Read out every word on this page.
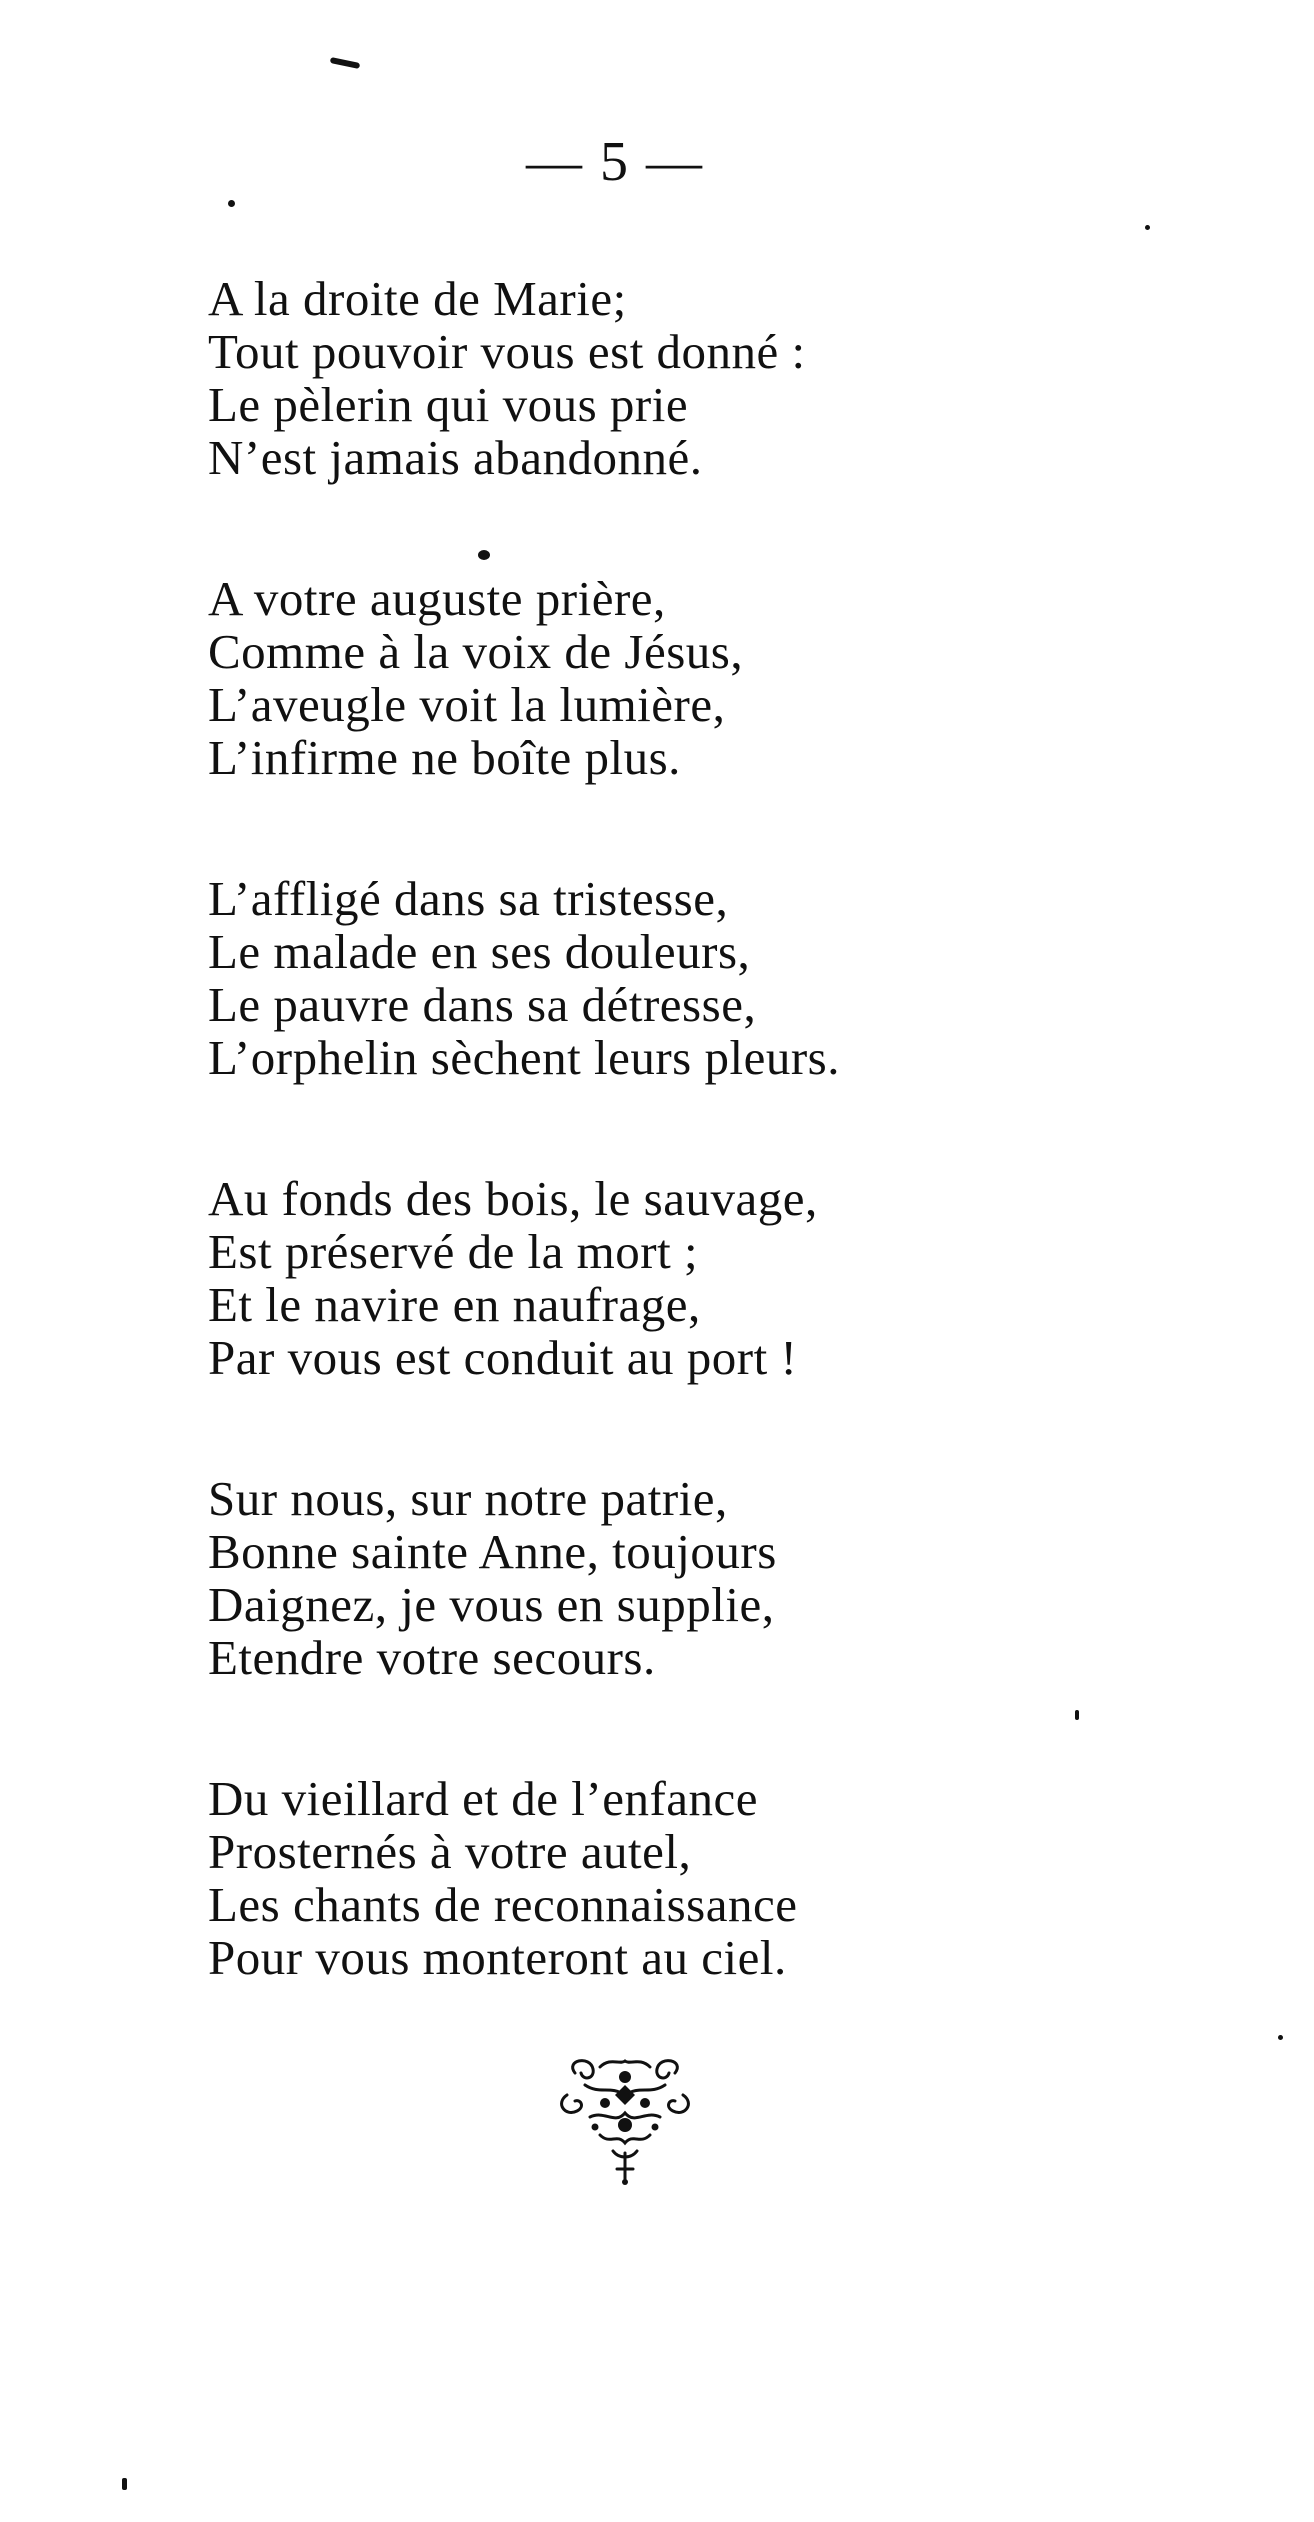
— 5 —
A la droite de Marie;
Tout pouvoir vous est donné :
Le pèlerin qui vous prie
N’est jamais abandonné.
A votre auguste prière,
Comme à la voix de Jésus,
L’aveugle voit la lumière,
L’infirme ne boîte plus.
L’affligé dans sa tristesse,
Le malade en ses douleurs,
Le pauvre dans sa détresse,
L’orphelin sèchent leurs pleurs.
Au fonds des bois, le sauvage,
Est préservé de la mort ;
Et le navire en naufrage,
Par vous est conduit au port !
Sur nous, sur notre patrie,
Bonne sainte Anne, toujours
Daignez, je vous en supplie,
Etendre votre secours.
Du vieillard et de l’enfance
Prosternés à votre autel,
Les chants de reconnaissance
Pour vous monteront au ciel.
